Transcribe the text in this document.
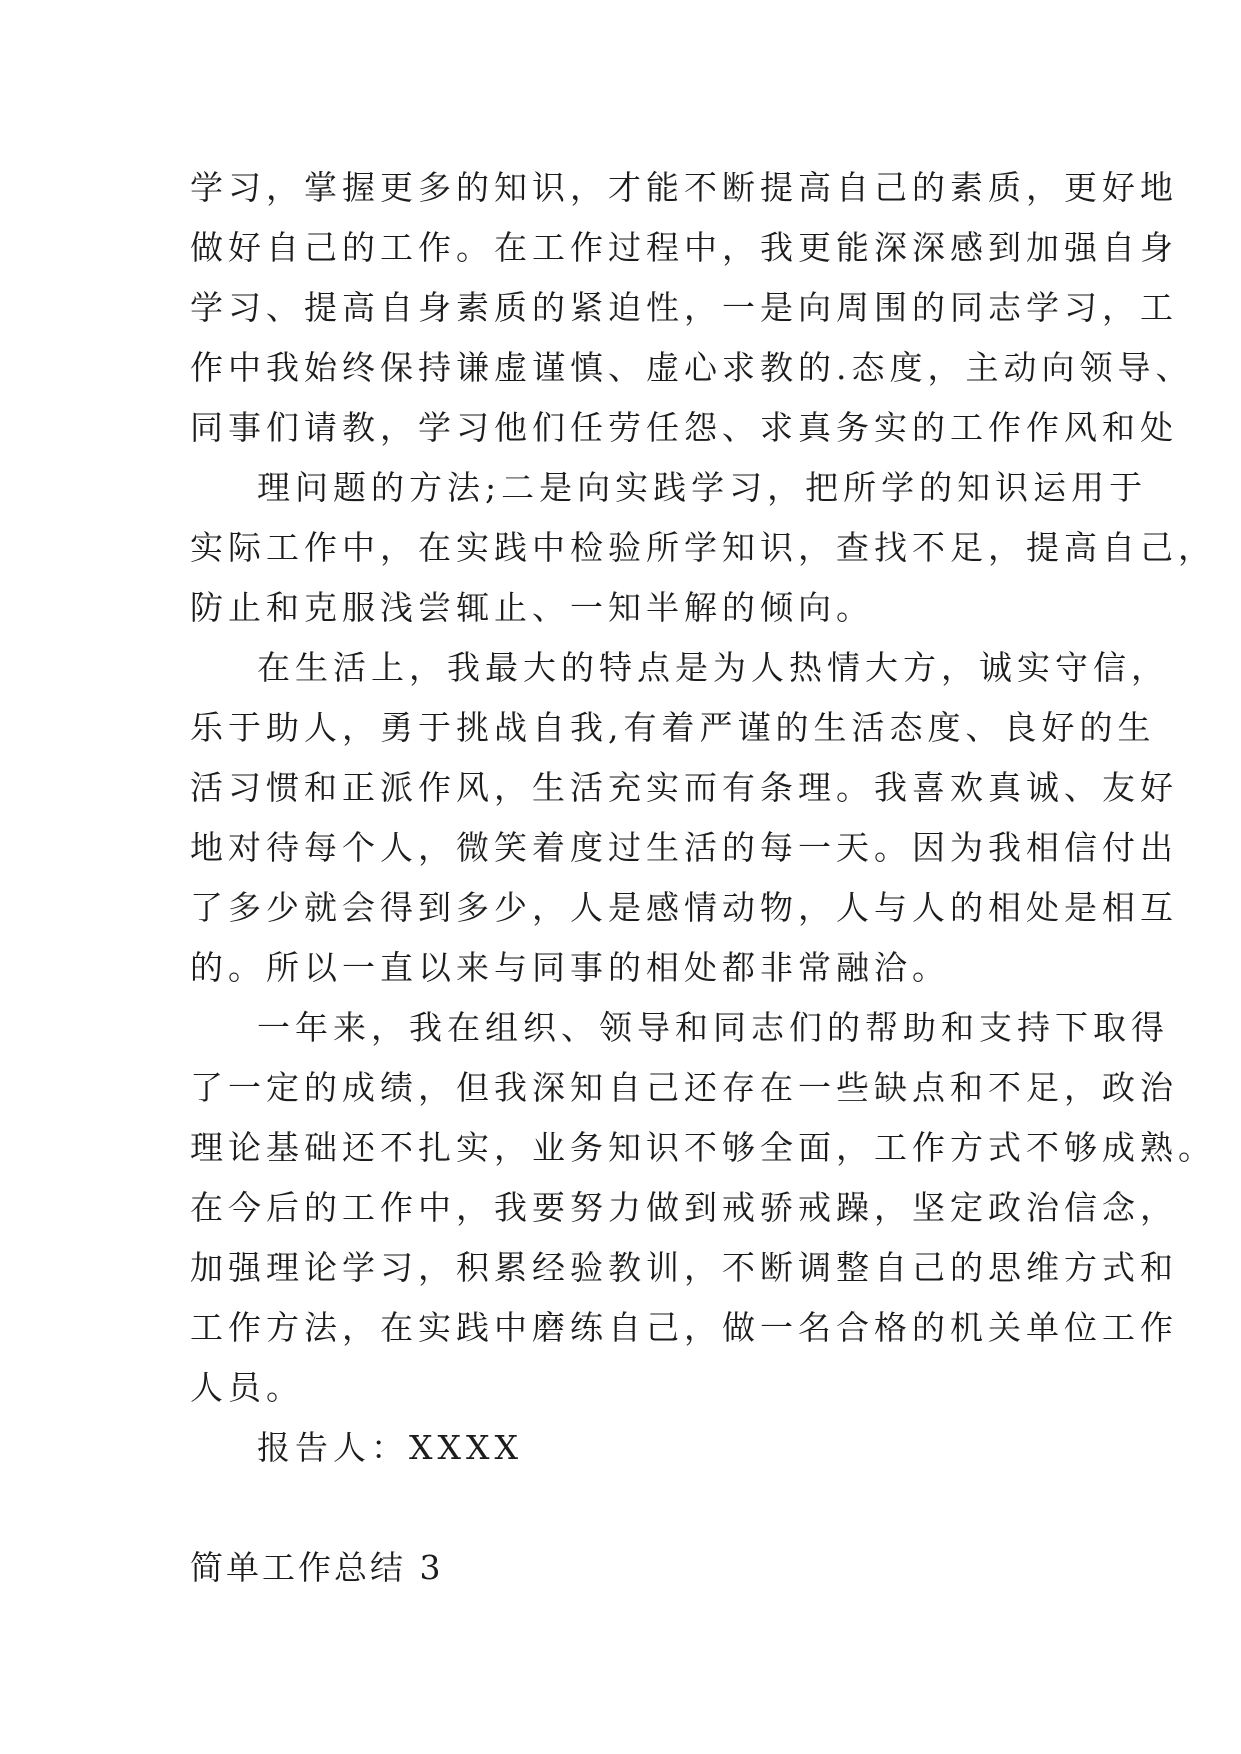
学习，掌握更多的知识，才能不断提高自己的素质，更好地
做好自己的工作。在工作过程中，我更能深深感到加强自身
学习、提高自身素质的紧迫性，一是向周围的同志学习，工
作中我始终保持谦虚谨慎、虚心求教的.态度，主动向领导、
同事们请教，学习他们任劳任怨、求真务实的工作作风和处
理问题的方法;二是向实践学习，把所学的知识运用于
实际工作中，在实践中检验所学知识，查找不足，提高自己，
防止和克服浅尝辄止、一知半解的倾向。
在生活上，我最大的特点是为人热情大方，诚实守信，
乐于助人，勇于挑战自我,有着严谨的生活态度、良好的生
活习惯和正派作风，生活充实而有条理。我喜欢真诚、友好
地对待每个人，微笑着度过生活的每一天。因为我相信付出
了多少就会得到多少，人是感情动物，人与人的相处是相互
的。所以一直以来与同事的相处都非常融洽。
一年来，我在组织、领导和同志们的帮助和支持下取得
了一定的成绩，但我深知自己还存在一些缺点和不足，政治
理论基础还不扎实，业务知识不够全面，工作方式不够成熟。
在今后的工作中，我要努力做到戒骄戒躁，坚定政治信念，
加强理论学习，积累经验教训，不断调整自己的思维方式和
工作方法，在实践中磨练自己，做一名合格的机关单位工作
人员。
报告人：XXXX
简单工作总结 3
